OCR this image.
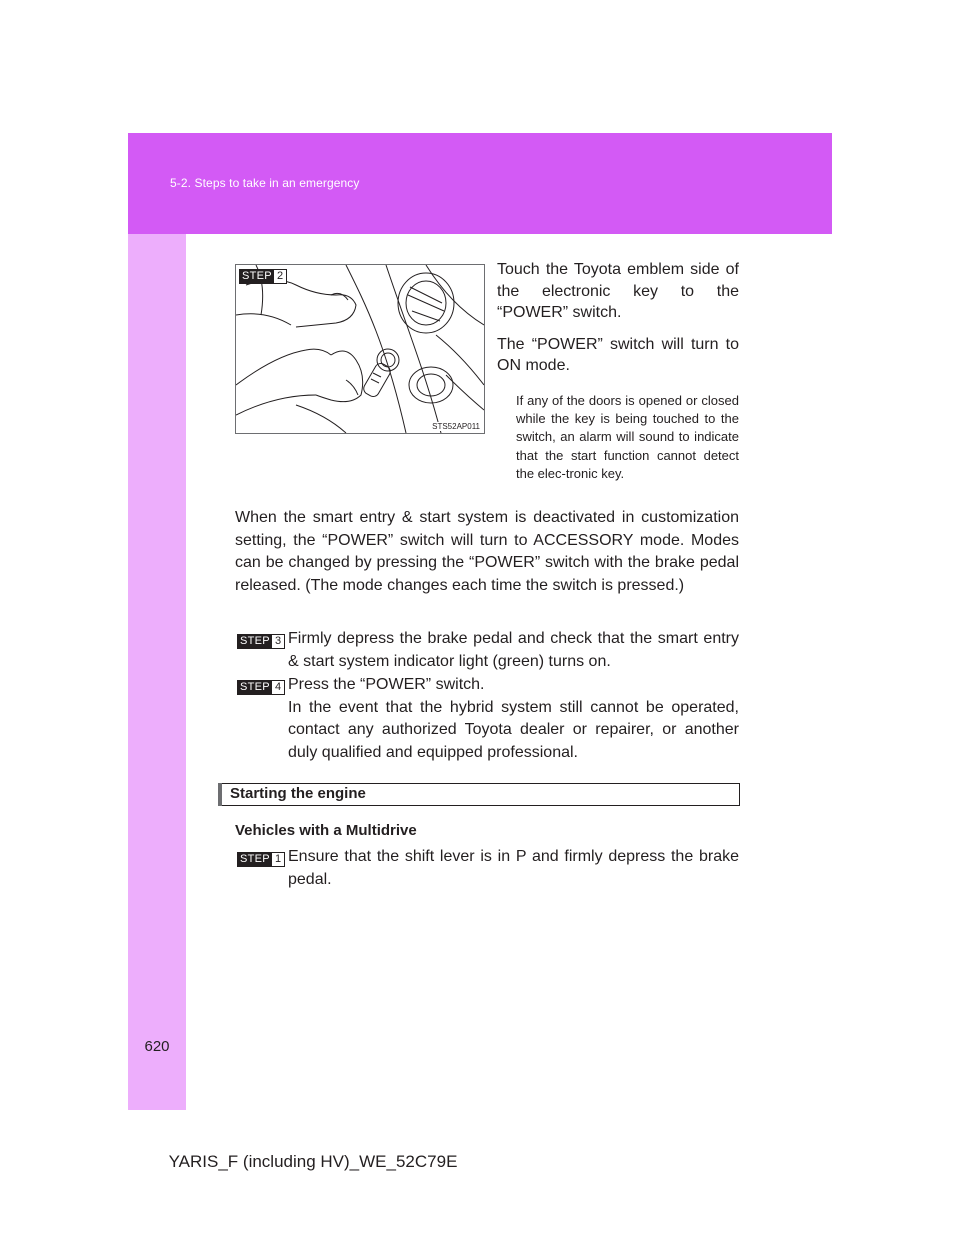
5-2. Steps to take in an emergency
STEP 2
STS52AP011

Touch the Toyota emblem side of the electronic key to the “POWER” switch.

The “POWER” switch will turn to ON mode.

If any of the doors is opened or closed while the key is being touched to the switch, an alarm will sound to indicate that the start function cannot detect the elec-tronic key.
When the smart entry & start system is deactivated in customization setting, the “POWER” switch will turn to ACCESSORY mode. Modes can be changed by pressing the “POWER” switch with the brake pedal released. (The mode changes each time the switch is pressed.)
STEP 3 Firmly depress the brake pedal and check that the smart entry & start system indicator light (green) turns on.
STEP 4 Press the “POWER” switch.
In the event that the hybrid system still cannot be operated, contact any authorized Toyota dealer or repairer, or another duly qualified and equipped professional.
Starting the engine
Vehicles with a Multidrive
STEP 1 Ensure that the shift lever is in P and firmly depress the brake pedal.
620
YARIS_F (including HV)_WE_52C79E
